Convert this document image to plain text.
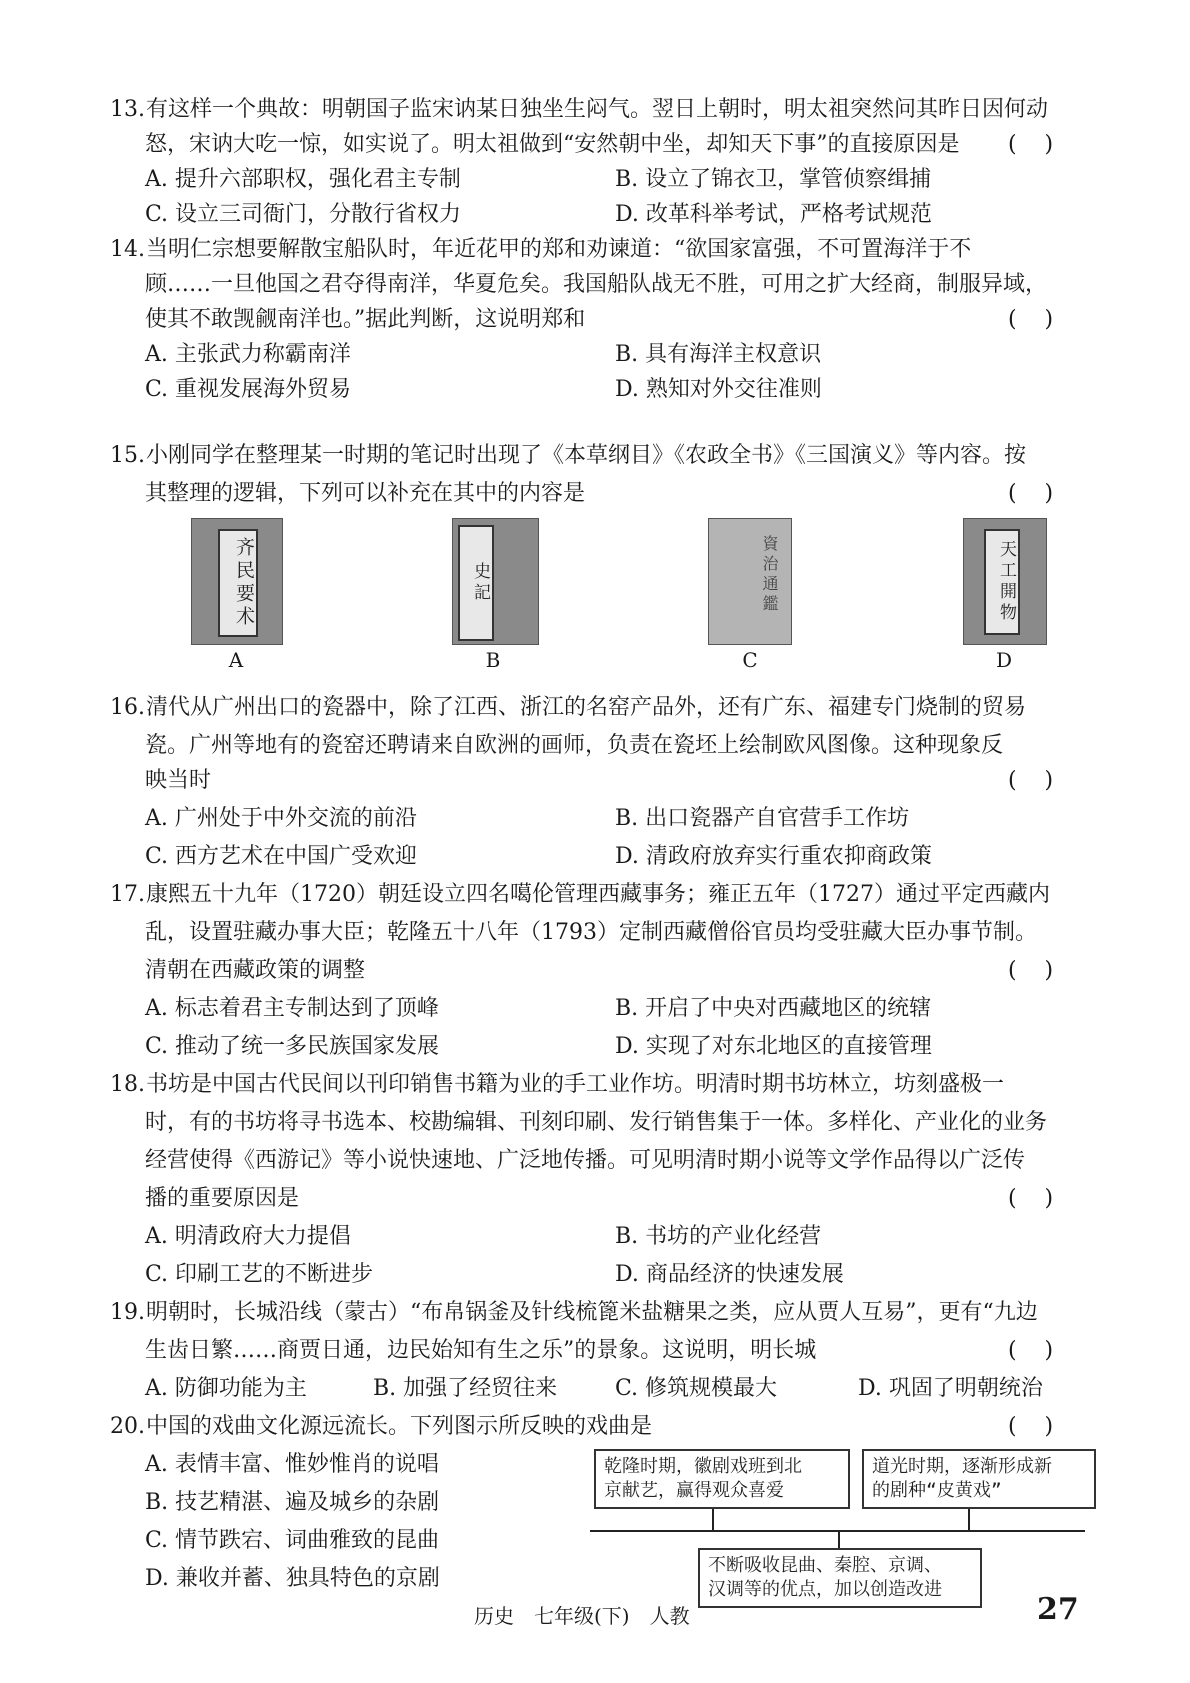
13.有这样一个典故：明朝国子监宋讷某日独坐生闷气。翌日上朝时，明太祖突然问其昨日因何动
怒，宋讷大吃一惊，如实说了。明太祖做到“安然朝中坐，却知天下事”的直接原因是	(    )
A. 提升六部职权，强化君主专制	B. 设立了锦衣卫，掌管侦察缉捕
C. 设立三司衙门，分散行省权力	D. 改革科举考试，严格考试规范
14.当明仁宗想要解散宝船队时，年近花甲的郑和劝谏道：“欲国家富强，不可置海洋于不
顾……一旦他国之君夺得南洋，华夏危矣。我国船队战无不胜，可用之扩大经商，制服异域，
使其不敢觊觎南洋也。”据此判断，这说明郑和	(    )
A. 主张武力称霸南洋	B. 具有海洋主权意识
C. 重视发展海外贸易	D. 熟知对外交往准则
15.小刚同学在整理某一时期的笔记时出现了《本草纲目》《农政全书》《三国演义》等内容。按
其整理的逻辑，下列可以补充在其中的内容是	(    )
齐民要术
A
史記
B
資治通鑑
C
天工開物
D
16.清代从广州出口的瓷器中，除了江西、浙江的名窑产品外，还有广东、福建专门烧制的贸易
瓷。广州等地有的瓷窑还聘请来自欧洲的画师，负责在瓷坯上绘制欧风图像。这种现象反
映当时	(    )
A. 广州处于中外交流的前沿	B. 出口瓷器产自官营手工作坊
C. 西方艺术在中国广受欢迎	D. 清政府放弃实行重农抑商政策
17.康熙五十九年（1720）朝廷设立四名噶伦管理西藏事务；雍正五年（1727）通过平定西藏内
乱，设置驻藏办事大臣；乾隆五十八年（1793）定制西藏僧俗官员均受驻藏大臣办事节制。
清朝在西藏政策的调整	(    )
A. 标志着君主专制达到了顶峰	B. 开启了中央对西藏地区的统辖
C. 推动了统一多民族国家发展	D. 实现了对东北地区的直接管理
18.书坊是中国古代民间以刊印销售书籍为业的手工业作坊。明清时期书坊林立，坊刻盛极一
时，有的书坊将寻书选本、校勘编辑、刊刻印刷、发行销售集于一体。多样化、产业化的业务
经营使得《西游记》等小说快速地、广泛地传播。可见明清时期小说等文学作品得以广泛传
播的重要原因是	(    )
A. 明清政府大力提倡	B. 书坊的产业化经营
C. 印刷工艺的不断进步	D. 商品经济的快速发展
19.明朝时，长城沿线（蒙古）“布帛锅釜及针线梳篦米盐糖果之类，应从贾人互易”，更有“九边
生齿日繁……商贾日通，边民始知有生之乐”的景象。这说明，明长城	(    )
A. 防御功能为主	B. 加强了经贸往来	C. 修筑规模最大	D. 巩固了明朝统治
20.中国的戏曲文化源远流长。下列图示所反映的戏曲是	(    )
A. 表情丰富、惟妙惟肖的说唱
B. 技艺精湛、遍及城乡的杂剧
C. 情节跌宕、词曲雅致的昆曲
D. 兼收并蓄、独具特色的京剧
乾隆时期，徽剧戏班到北
京献艺，赢得观众喜爱
道光时期，逐渐形成新
的剧种“皮黄戏”
不断吸收昆曲、秦腔、京调、
汉调等的优点，加以创造改进
历史　七年级(下)　人教	27
